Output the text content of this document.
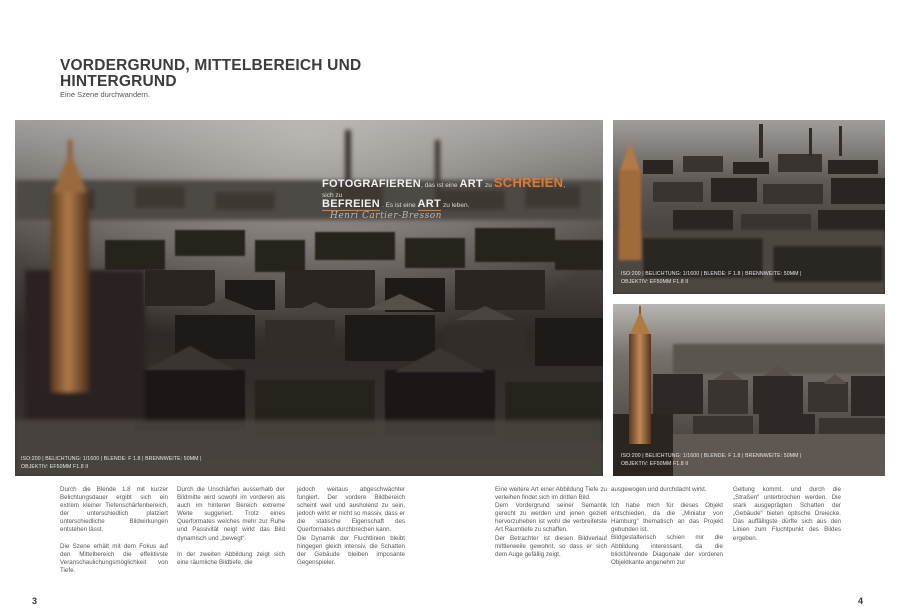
VORDERGRUND, MITTELBEREICH UND HINTERGRUND

Eine Szene durchwandern.

FOTOGRAFIEREN, das ist eine ART zu SCHREIEN,
sich zu
BEFREIEN . Es ist eine ART zu leben.
Henri Cartier-Bresson
ISO:200 | BELICHTUNG: 1/1600 | BLENDE: F 1.8 | BRENNWEITE: 50MM |
OBJEKTIV: EF50MM F1.8 II
ISO:200 | BELICHTUNG: 1/1600 | BLENDE: F 1.8 | BRENNWEITE: 50MM |
OBJEKTIV: EF50MM F1.8 II
ISO:200 | BELICHTUNG: 1/1600 | BLENDE: F 1.8 | BRENNWEITE: 50MM |
OBJEKTIV: EF50MM F1.8 II

Durch die Blende 1.8 mit kurzer Belichtungsdauer ergibt sich ein extrem kleiner Tiefenschärfenbereich, der unterschiedlich platziert unterschiedliche Bildwirkungen entstehen lässt.

Die Szene erhält mit dem Fokus auf den Mittelbereich die effektivste Veranschaulichungsmöglichkeit von Tiefe.

Durch die Unschärfen ausserhalb der Bildmitte wird sowohl im vorderen als auch im hinteren Bereich extreme Weite suggeriert. Trotz eines Querformates welches mehr zur Ruhe und Passivität neigt wirkt das Bild dynamisch und „bewegt“.

In der zweiten Abbildung zeigt sich eine räumliche Bildtiefe, die

jedoch weitaus abgeschwächter fungiert. Der vordere Bildbereich scheint weit und ausholend zu sein, jedoch wirkt er nicht so massiv, dass er die statische Eigenschaft des Querformates durchbrechen kann.

Die Dynamik der Fluchtlinien bleibt hingegen gleich intensiv, die Schatten der Gebäude bleiben imposante Gegenspieler.

Eine weitere Art einer Abbildung Tiefe zu verleihen findet sich im dritten Bild.

Dem Vordergrund seiner Semantik gerecht zu werden und jenen gezielt hervorzuheben ist wohl die verbreitetste Art Raumtiefe zu schaffen.

Der Betrachter ist diesen Bildverlauf mittlerweile gewohnt, so dass er sich dem Auge gefällig zeigt,

ausgewogen und durchdacht wirkt.

Ich habe mich für dieses Objekt entschieden, da die „Miniatur von Hamburg“ thematisch an das Projekt gebunden ist.

Bildgestalterisch schien mir die Abbildung interessant, da die blickführende Diagonale der vorderen Objektkante angenehm zur

Geltung kommt, und durch die „Straßen“ unterbrochen werden. Die stark ausgeprägten Schatten der „Gebäude“ bieten optische Dreiecke. Das auffälligste dürfte sich aus den Linien zum Fluchtpunkt des Bildes ergeben.

3	4
